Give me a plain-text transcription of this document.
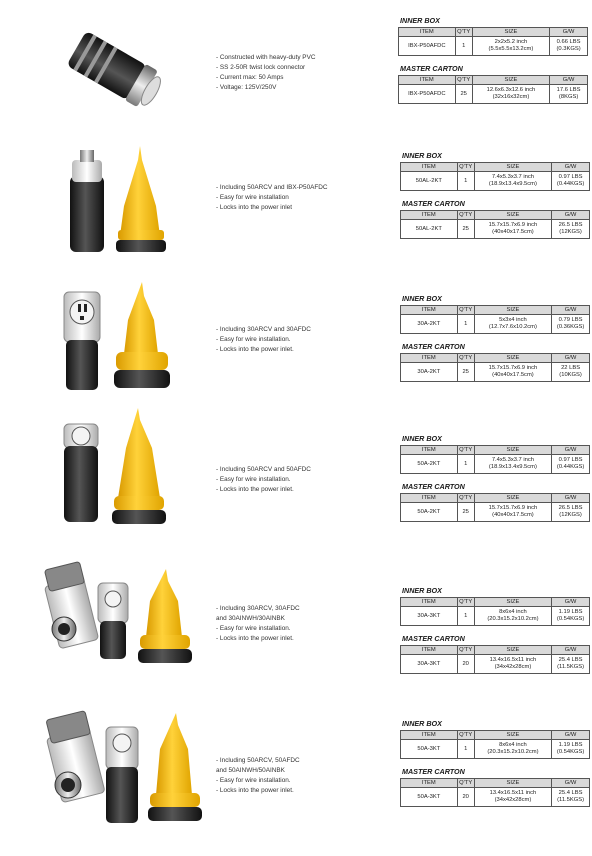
- Constructed with heavy-duty PVC
- SS 2-50R twist lock connector
- Current max: 50 Amps
- Voltage: 125V/250V
INNER BOX
ITEM	Q'TY	SIZE	G/W
IBX-P50AFDC	1	2x2x5.2 inch
(5.5x5.5x13.2cm)	0.66 LBS
(0.3KGS)
MASTER CARTON
ITEM	Q'TY	SIZE	G/W
IBX-P50AFDC	25	12.6x6.3x12.6 inch
(32x16x32cm)	17.6 LBS
(8KGS)
- Including 50ARCV and IBX-P50AFDC
- Easy for wire installation
- Locks into the power inlet
INNER BOX
ITEM	Q'TY	SIZE	G/W
50AL-2KT	1	7.4x5.3x3.7 inch
(18.9x13.4x9.5cm)	0.97 LBS
(0.44KGS)
MASTER CARTON
ITEM	Q'TY	SIZE	G/W
50AL-2KT	25	15.7x15.7x6.9 inch
(40x40x17.5cm)	26.5 LBS
(12KGS)
- Including 30ARCV and 30AFDC
- Easy for wire installation.
- Locks into the power inlet.
INNER BOX
ITEM	Q'TY	SIZE	G/W
30A-2KT	1	5x3x4 inch
(12.7x7.6x10.2cm)	0.79 LBS
(0.36KGS)
MASTER CARTON
ITEM	Q'TY	SIZE	G/W
30A-2KT	25	15.7x15.7x6.9 inch
(40x40x17.5cm)	22 LBS
(10KGS)
- Including 50ARCV and 50AFDC
- Easy for wire installation.
- Locks into the power inlet.
INNER BOX
ITEM	Q'TY	SIZE	G/W
50A-2KT	1	7.4x5.3x3.7 inch
(18.9x13.4x9.5cm)	0.97 LBS
(0.44KGS)
MASTER CARTON
ITEM	Q'TY	SIZE	G/W
50A-2KT	25	15.7x15.7x6.9 inch
(40x40x17.5cm)	26.5 LBS
(12KGS)
- Including 30ARCV, 30AFDC
and 30AINWH/30AINBK
- Easy for wire installation.
- Locks into the power inlet.
INNER BOX
ITEM	Q'TY	SIZE	G/W
30A-3KT	1	8x6x4 inch
(20.3x15.2x10.2cm)	1.19 LBS
(0.54KGS)
MASTER CARTON
ITEM	Q'TY	SIZE	G/W
30A-3KT	20	13.4x16.5x11 inch
(34x42x28cm)	25.4 LBS
(11.5KGS)
- Including 50ARCV, 50AFDC
and 50AINWH/50AINBK
- Easy for wire installation.
- Locks into the power inlet.
INNER BOX
ITEM	Q'TY	SIZE	G/W
50A-3KT	1	8x6x4 inch
(20.3x15.2x10.2cm)	1.19 LBS
(0.54KGS)
MASTER CARTON
ITEM	Q'TY	SIZE	G/W
50A-3KT	20	13.4x16.5x11 inch
(34x42x28cm)	25.4 LBS
(11.5KGS)
